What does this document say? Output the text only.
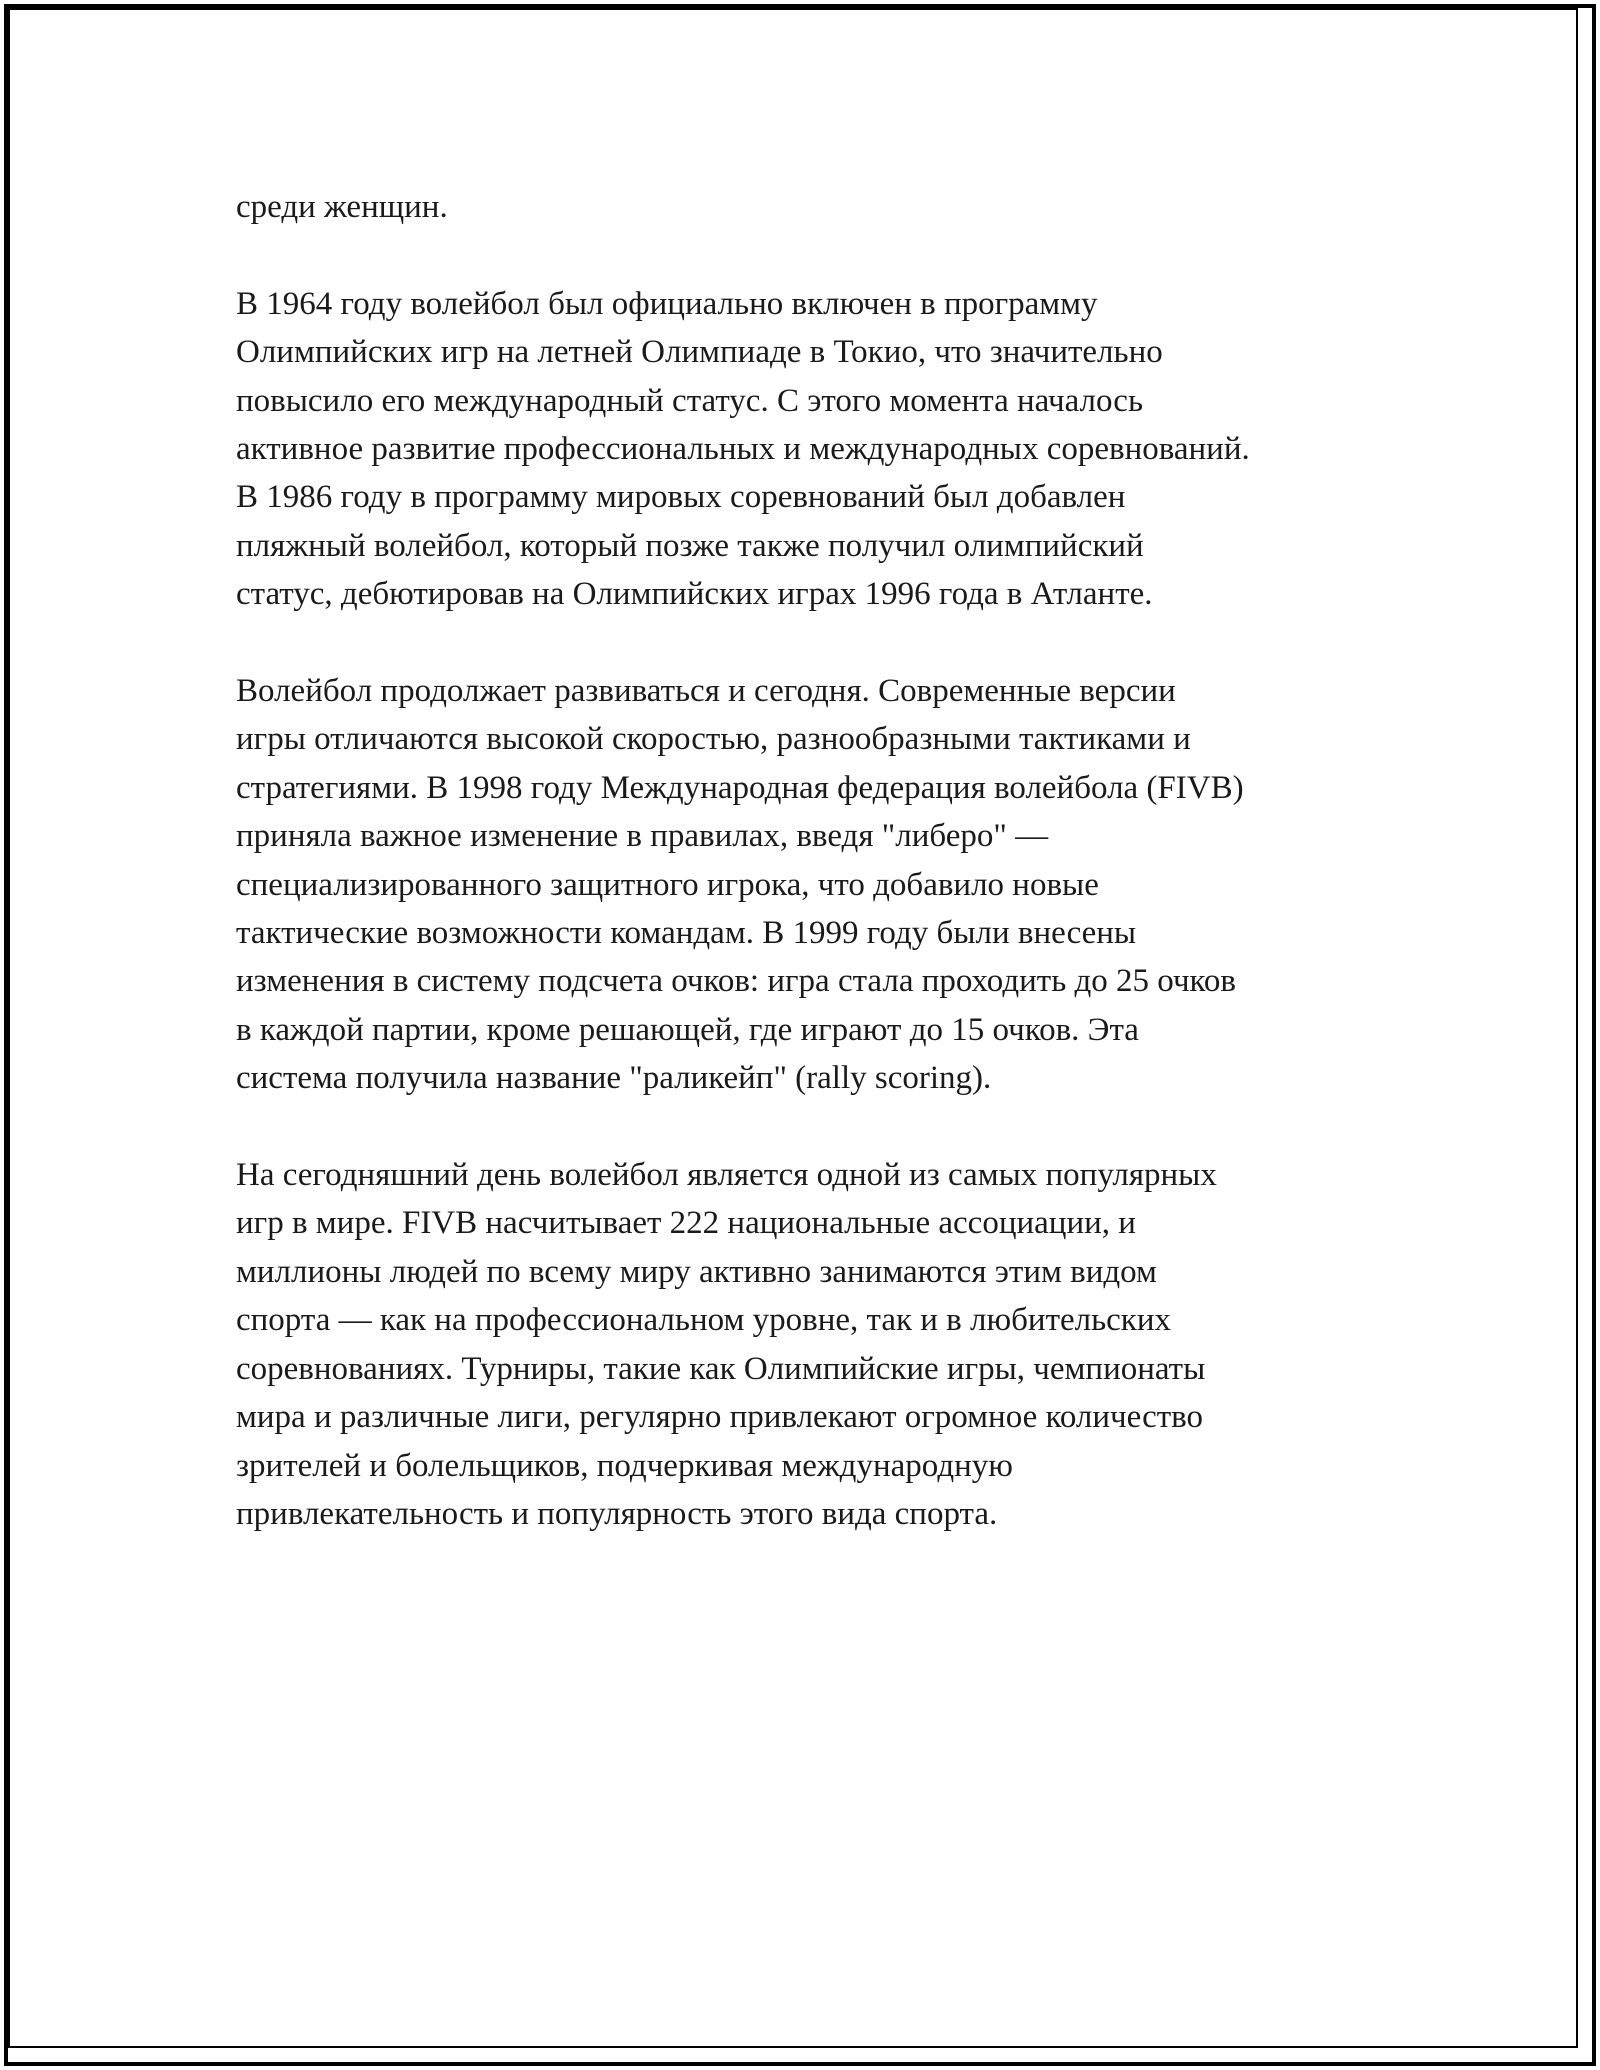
среди женщин.

В 1964 году волейбол был официально включен в программу
Олимпийских игр на летней Олимпиаде в Токио, что значительно
повысило его международный статус. С этого момента началось
активное развитие профессиональных и международных соревнований.
В 1986 году в программу мировых соревнований был добавлен
пляжный волейбол, который позже также получил олимпийский
статус, дебютировав на Олимпийских играх 1996 года в Атланте.

Волейбол продолжает развиваться и сегодня. Современные версии
игры отличаются высокой скоростью, разнообразными тактиками и
стратегиями. В 1998 году Международная федерация волейбола (FIVB)
приняла важное изменение в правилах, введя "либеро" —
специализированного защитного игрока, что добавило новые
тактические возможности командам. В 1999 году были внесены
изменения в систему подсчета очков: игра стала проходить до 25 очков
в каждой партии, кроме решающей, где играют до 15 очков. Эта
система получила название "раликейп" (rally scoring).

На сегодняшний день волейбол является одной из самых популярных
игр в мире. FIVB насчитывает 222 национальные ассоциации, и
миллионы людей по всему миру активно занимаются этим видом
спорта — как на профессиональном уровне, так и в любительских
соревнованиях. Турниры, такие как Олимпийские игры, чемпионаты
мира и различные лиги, регулярно привлекают огромное количество
зрителей и болельщиков, подчеркивая международную
привлекательность и популярность этого вида спорта.
